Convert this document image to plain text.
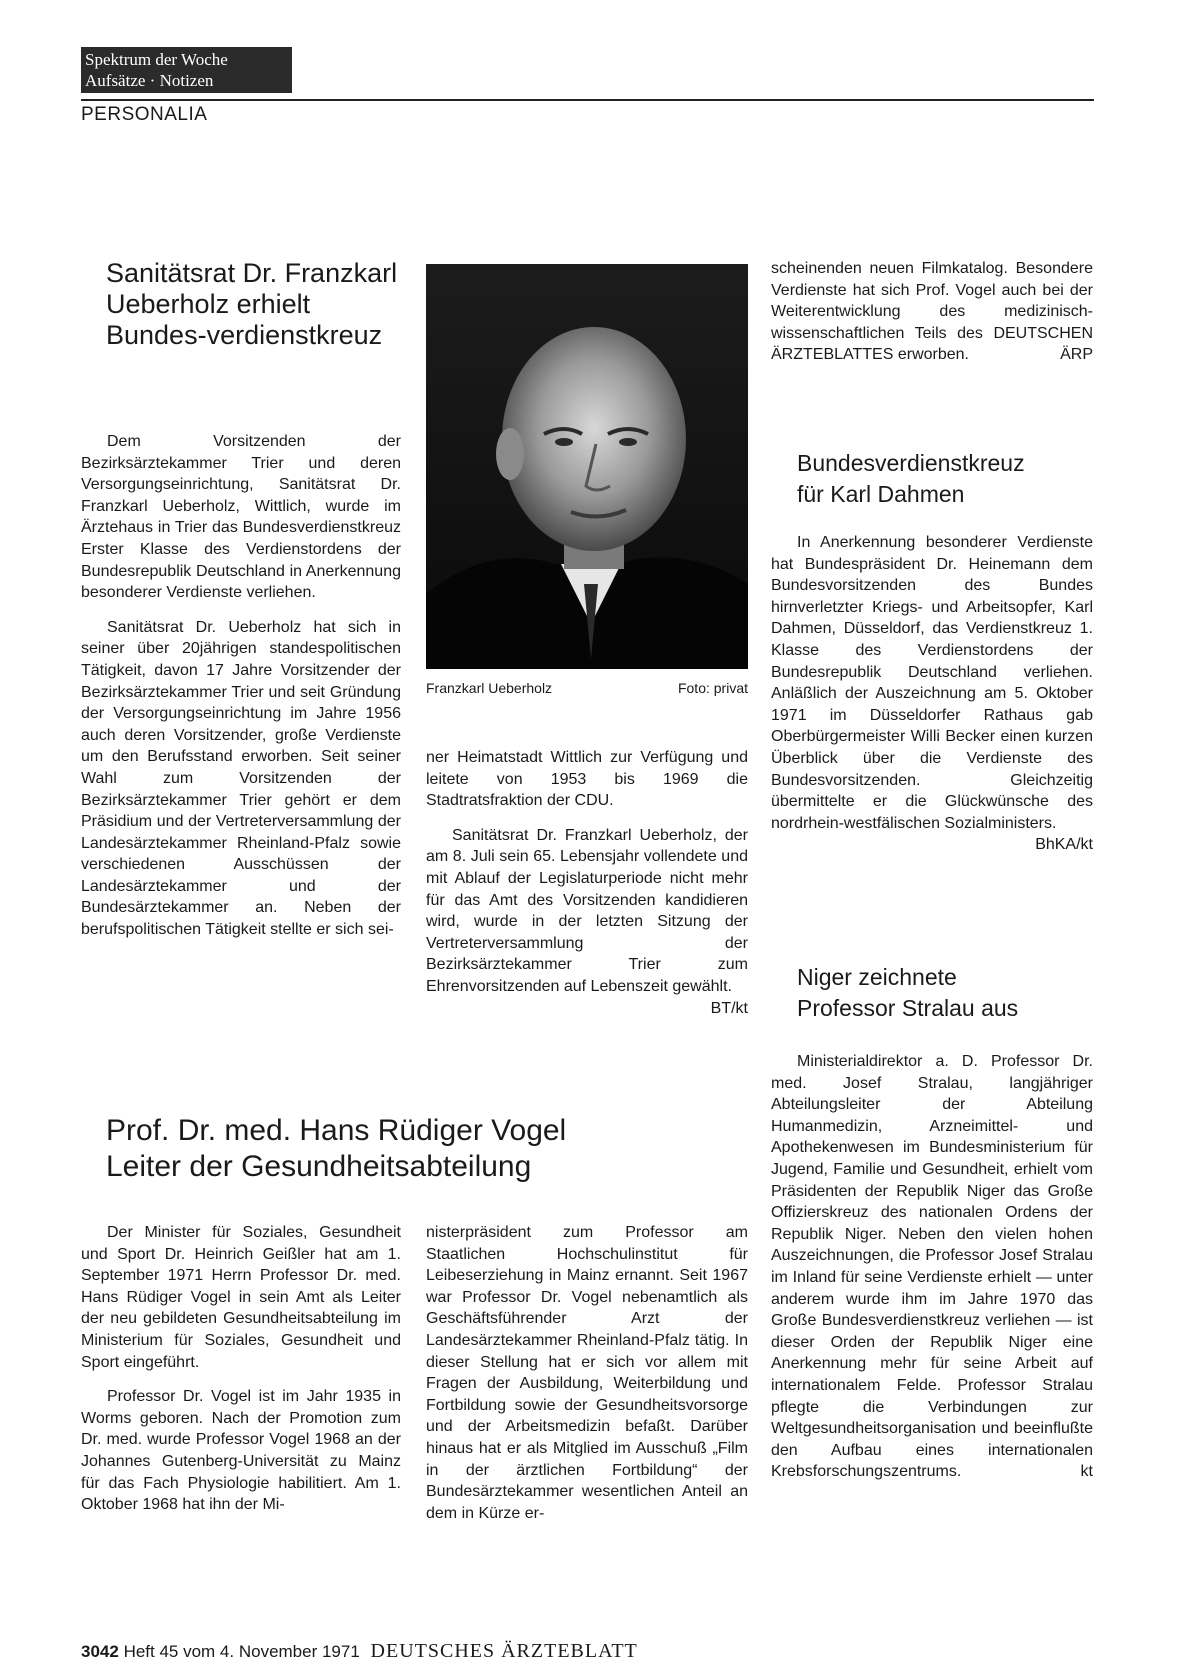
Spektrum der Woche
Aufsätze · Notizen
PERSONALIA
Sanitätsrat Dr. Franzkarl Ueberholz erhielt Bundes-verdienstkreuz

Dem Vorsitzenden der Bezirksärztekammer Trier und deren Versorgungseinrichtung, Sanitätsrat Dr. Franzkarl Ueberholz, Wittlich, wurde im Ärztehaus in Trier das Bundesverdienstkreuz Erster Klasse des Verdienstordens der Bundesrepublik Deutschland in Anerkennung besonderer Verdienste verliehen.

Sanitätsrat Dr. Ueberholz hat sich in seiner über 20jährigen standespolitischen Tätigkeit, davon 17 Jahre Vorsitzender der Bezirksärztekammer Trier und seit Gründung der Versorgungseinrichtung im Jahre 1956 auch deren Vorsitzender, große Verdienste um den Berufsstand erworben. Seit seiner Wahl zum Vorsitzenden der Bezirksärztekammer Trier gehört er dem Präsidium und der Vertreterversammlung der Landesärztekammer Rheinland-Pfalz sowie verschiedenen Ausschüssen der Landesärztekammer und der Bundesärztekammer an. Neben der berufspolitischen Tätigkeit stellte er sich sei-

Franzkarl Ueberholz	Foto: privat

ner Heimatstadt Wittlich zur Verfügung und leitete von 1953 bis 1969 die Stadtratsfraktion der CDU.

Sanitätsrat Dr. Franzkarl Ueberholz, der am 8. Juli sein 65. Lebensjahr vollendete und mit Ablauf der Legislaturperiode nicht mehr für das Amt des Vorsitzenden kandidieren wird, wurde in der letzten Sitzung der Vertreterversammlung der Bezirksärztekammer Trier zum Ehrenvorsitzenden auf Lebenszeit gewählt.
BT/kt

Prof. Dr. med. Hans Rüdiger Vogel
Leiter der Gesundheitsabteilung

Der Minister für Soziales, Gesundheit und Sport Dr. Heinrich Geißler hat am 1. September 1971 Herrn Professor Dr. med. Hans Rüdiger Vogel in sein Amt als Leiter der neu gebildeten Gesundheitsabteilung im Ministerium für Soziales, Gesundheit und Sport eingeführt.

Professor Dr. Vogel ist im Jahr 1935 in Worms geboren. Nach der Promotion zum Dr. med. wurde Professor Vogel 1968 an der Johannes Gutenberg-Universität zu Mainz für das Fach Physiologie habilitiert. Am 1. Oktober 1968 hat ihn der Mi-

nisterpräsident zum Professor am Staatlichen Hochschulinstitut für Leibeserziehung in Mainz ernannt. Seit 1967 war Professor Dr. Vogel nebenamtlich als Geschäftsführender Arzt der Landesärztekammer Rheinland-Pfalz tätig. In dieser Stellung hat er sich vor allem mit Fragen der Ausbildung, Weiterbildung und Fortbildung sowie der Gesundheitsvorsorge und der Arbeitsmedizin befaßt. Darüber hinaus hat er als Mitglied im Ausschuß „Film in der ärztlichen Fortbildung“ der Bundesärztekammer wesentlichen Anteil an dem in Kürze er-

scheinenden neuen Filmkatalog. Besondere Verdienste hat sich Prof. Vogel auch bei der Weiterentwicklung des medizinisch-wissenschaftlichen Teils des DEUTSCHEN ÄRZTEBLATTES erworben.	ÄRP

Bundesverdienstkreuz
für Karl Dahmen

In Anerkennung besonderer Verdienste hat Bundespräsident Dr. Heinemann dem Bundesvorsitzenden des Bundes hirnverletzter Kriegs- und Arbeitsopfer, Karl Dahmen, Düsseldorf, das Verdienstkreuz 1. Klasse des Verdienstordens der Bundesrepublik Deutschland verliehen. Anläßlich der Auszeichnung am 5. Oktober 1971 im Düsseldorfer Rathaus gab Oberbürgermeister Willi Becker einen kurzen Überblick über die Verdienste des Bundesvorsitzenden. Gleichzeitig übermittelte er die Glückwünsche des nordrhein-westfälischen Sozialministers.
BhKA/kt

Niger zeichnete
Professor Stralau aus

Ministerialdirektor a. D. Professor Dr. med. Josef Stralau, langjähriger Abteilungsleiter der Abteilung Humanmedizin, Arzneimittel- und Apothekenwesen im Bundesministerium für Jugend, Familie und Gesundheit, erhielt vom Präsidenten der Republik Niger das Große Offizierskreuz des nationalen Ordens der Republik Niger. Neben den vielen hohen Auszeichnungen, die Professor Josef Stralau im Inland für seine Verdienste erhielt — unter anderem wurde ihm im Jahre 1970 das Große Bundesverdienstkreuz verliehen — ist dieser Orden der Republik Niger eine Anerkennung mehr für seine Arbeit auf internationalem Felde. Professor Stralau pflegte die Verbindungen zur Weltgesundheitsorganisation und beeinflußte den Aufbau eines internationalen Krebsforschungszentrums.	kt

3042 Heft 45 vom 4. November 1971 DEUTSCHES ÄRZTEBLATT
